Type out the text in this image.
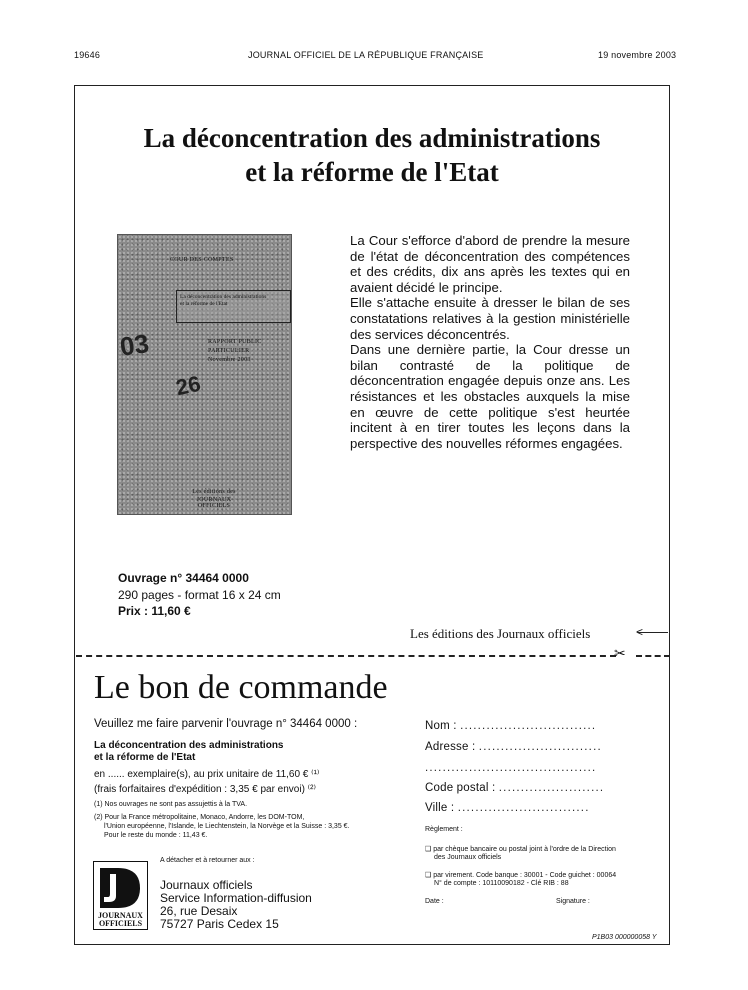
19646	JOURNAL OFFICIEL DE LA RÉPUBLIQUE FRANÇAISE	19 novembre 2003
La déconcentration des administrations
et la réforme de l'Etat
COUR DES COMPTES
La déconcentration des administrations
et la réforme de l'Etat
RAPPORT PUBLIC
PARTICULIER
Novembre 2003
03
26
Les éditions des
JOURNAUX OFFICIELS

La Cour s'efforce d'abord de prendre la mesure de l'état de déconcentration des compétences et des crédits, dix ans après les textes qui en avaient décidé le principe.

Elle s'attache ensuite à dresser le bilan de ses constatations relatives à la gestion ministérielle des services déconcentrés.

Dans une dernière partie, la Cour dresse un bilan contrasté de la politique de déconcentration engagée depuis onze ans. Les résistances et les obstacles auxquels la mise en œuvre de cette politique s'est heurtée incitent à en tirer toutes les leçons dans la perspective des nouvelles réformes engagées.

Ouvrage n° 34464 0000
290 pages - format 16 x 24 cm
Prix : 11,60 €
Les éditions des Journaux officiels	<
✂
Le bon de commande
Veuillez me faire parvenir l'ouvrage n° 34464 0000 :
La déconcentration des administrations
et la réforme de l'Etat
en ...... exemplaire(s), au prix unitaire de 11,60 € ⁽¹⁾
(frais forfaitaires d'expédition : 3,35 € par envoi) ⁽²⁾
(1) Nos ouvrages ne sont pas assujettis à la TVA.
(2) Pour la France métropolitaine, Monaco, Andorre, les DOM-TOM,
l'Union européenne, l'Islande, le Liechtenstein, la Norvège et la Suisse : 3,35 €.
Pour le reste du monde : 11,43 €.
A détacher et à retourner aux :
JOURNAUX
OFFICIELS
Journaux officiels
Service Information-diffusion
26, rue Desaix
75727 Paris Cedex 15
Nom : ...............................
Adresse : ............................
.......................................
Code postal : ........................
Ville : ..............................
Règlement :
❑ par chèque bancaire ou postal joint à l'ordre de la Direction
des Journaux officiels
❑ par virement. Code banque : 30001 - Code guichet : 00064
N° de compte : 10110090182 - Clé RIB : 88
Date :	Signature :
P1B03 000000058 Y
